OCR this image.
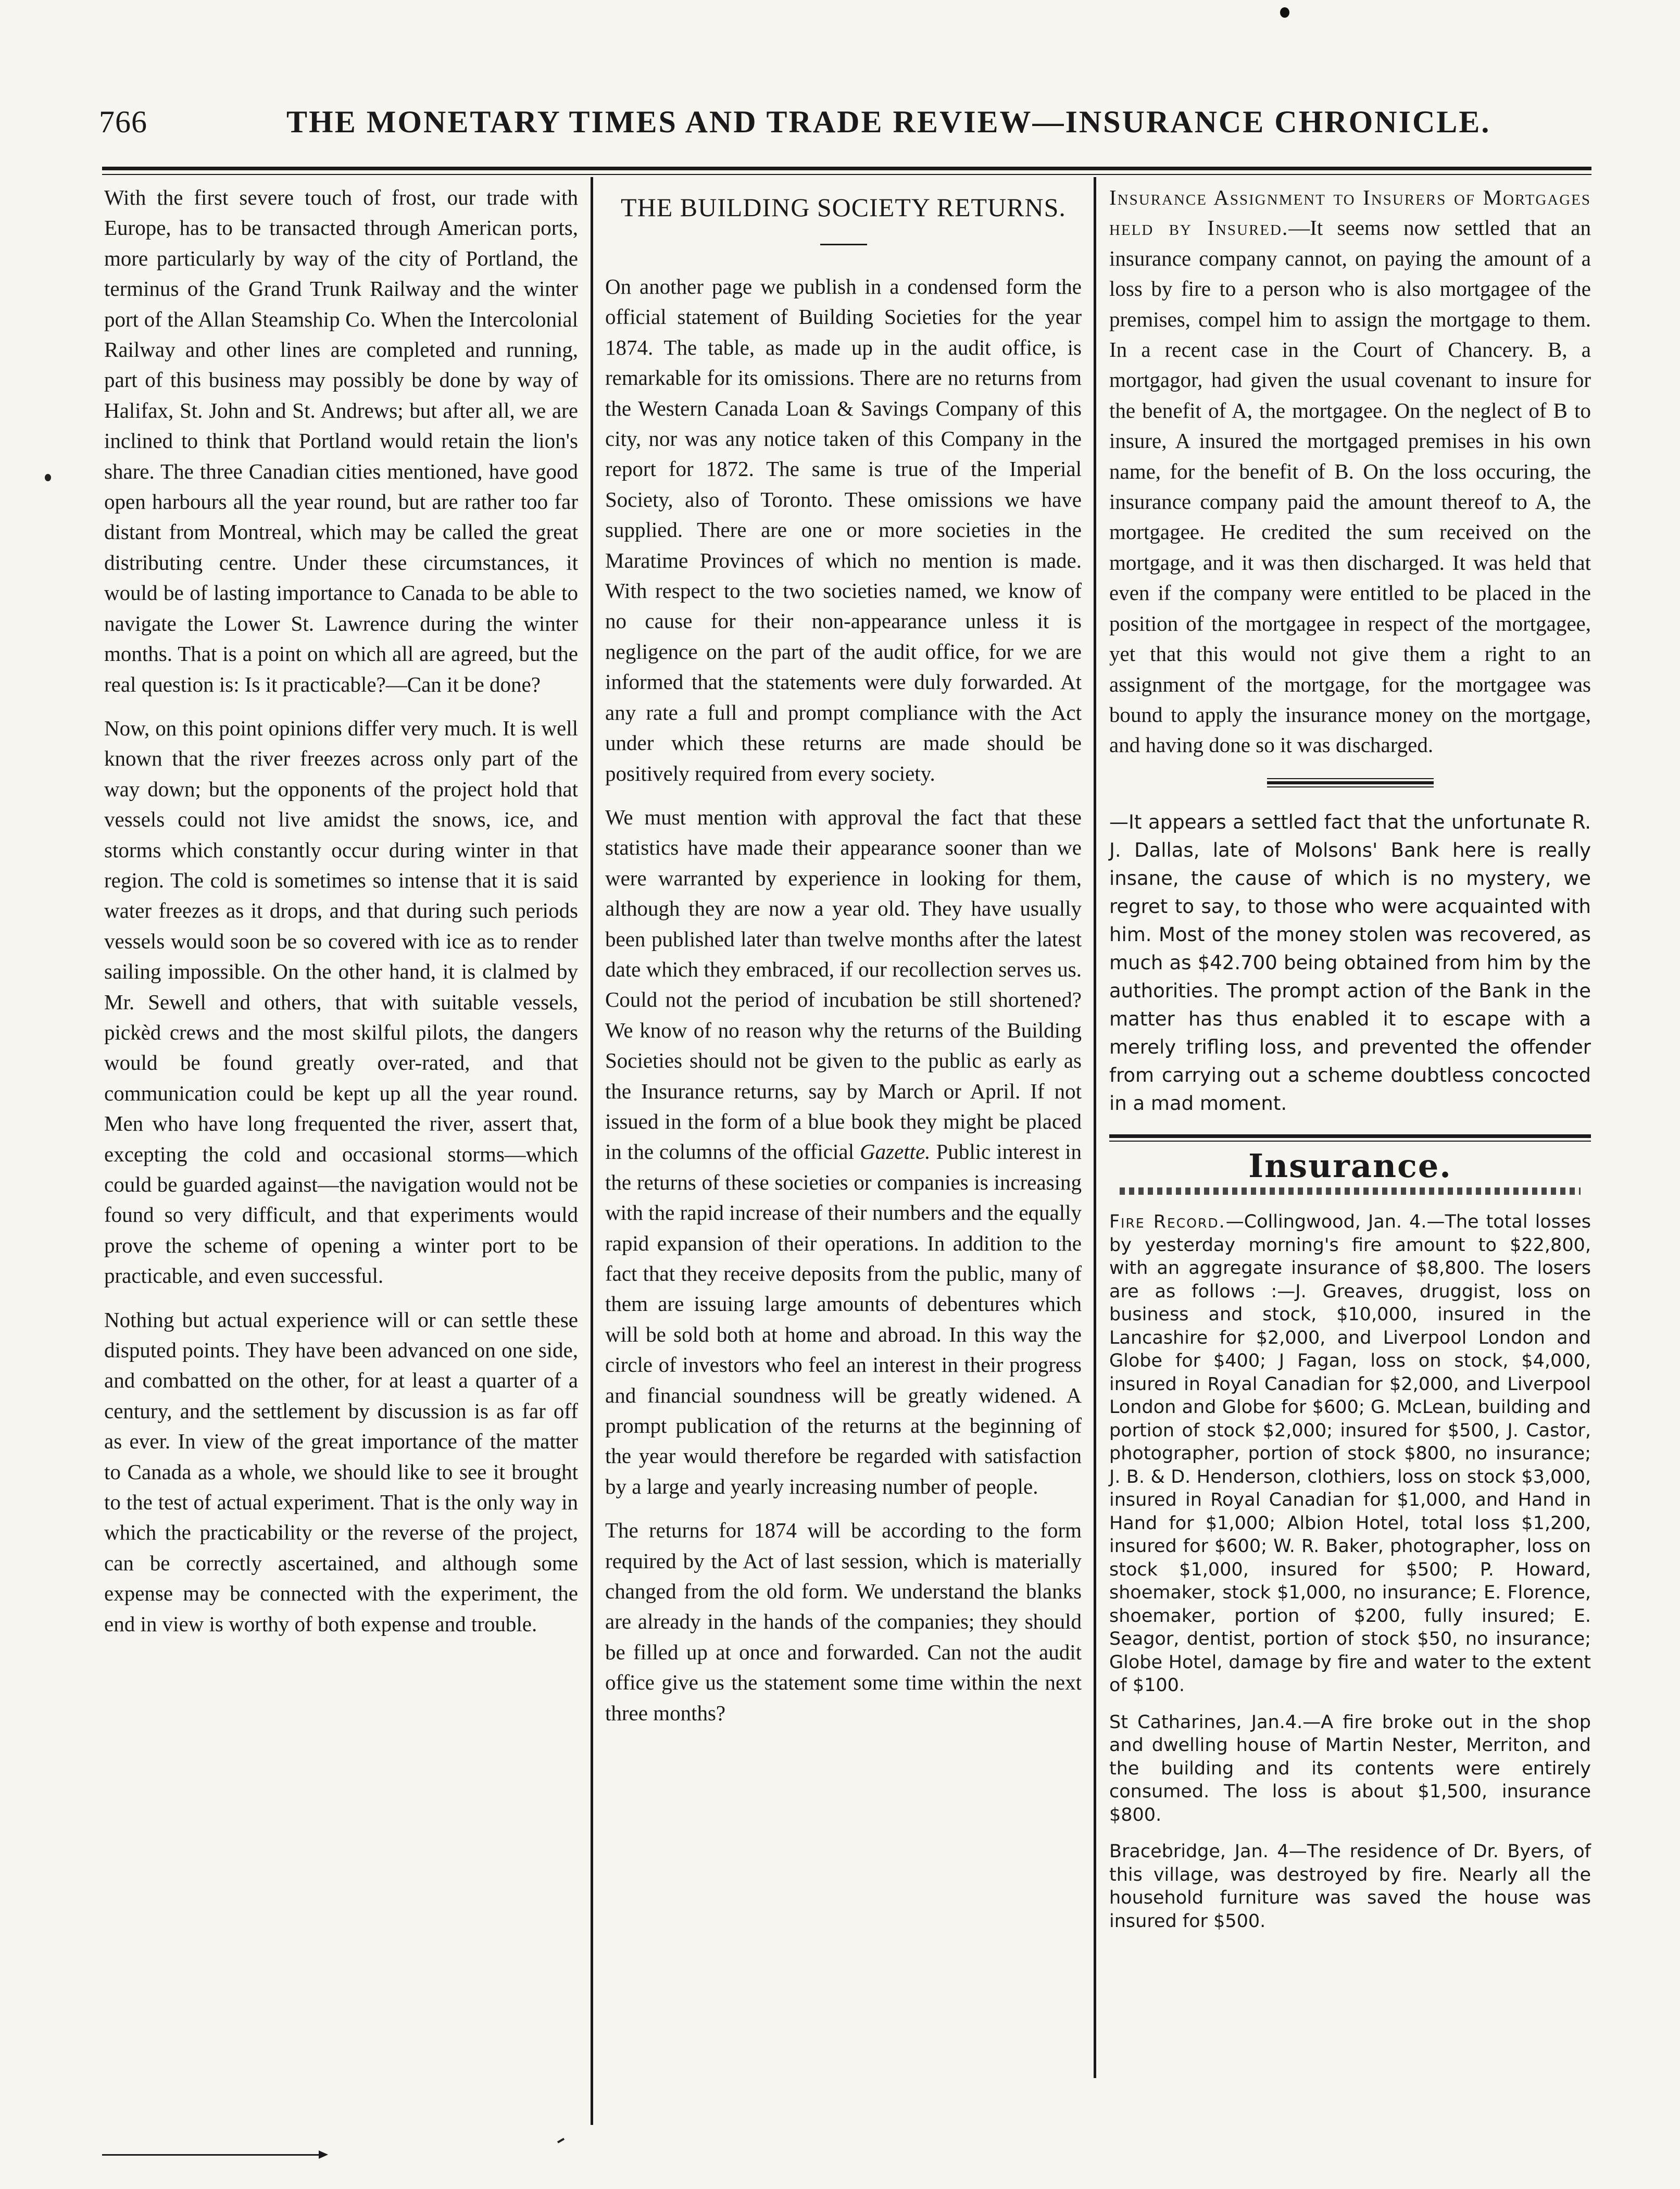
766	THE MONETARY TIMES AND TRADE REVIEW—INSURANCE CHRONICLE.

With the first severe touch of frost, our trade with Europe, has to be transacted through American ports, more particularly by way of the city of Portland, the terminus of the Grand Trunk Railway and the winter port of the Allan Steamship Co. When the Intercolonial Railway and other lines are completed and running, part of this business may possibly be done by way of Halifax, St. John and St. Andrews; but after all, we are inclined to think that Portland would retain the lion's share. The three Canadian cities mentioned, have good open harbours all the year round, but are rather too far distant from Montreal, which may be called the great distributing centre. Under these circumstances, it would be of lasting importance to Canada to be able to navigate the Lower St. Lawrence during the winter months. That is a point on which all are agreed, but the real question is: Is it practicable?—Can it be done?

Now, on this point opinions differ very much. It is well known that the river freezes across only part of the way down; but the opponents of the project hold that vessels could not live amidst the snows, ice, and storms which constantly occur during winter in that region. The cold is sometimes so intense that it is said water freezes as it drops, and that during such periods vessels would soon be so covered with ice as to render sailing impossible. On the other hand, it is clalmed by Mr. Sewell and others, that with suitable vessels, pickèd crews and the most skilful pilots, the dangers would be found greatly over-rated, and that communication could be kept up all the year round. Men who have long frequented the river, assert that, excepting the cold and occasional storms—which could be guarded against—the navigation would not be found so very difficult, and that experiments would prove the scheme of opening a winter port to be practicable, and even successful.

Nothing but actual experience will or can settle these disputed points. They have been advanced on one side, and combatted on the other, for at least a quarter of a century, and the settlement by discussion is as far off as ever. In view of the great importance of the matter to Canada as a whole, we should like to see it brought to the test of actual experiment. That is the only way in which the practicability or the reverse of the project, can be correctly ascertained, and although some expense may be connected with the experiment, the end in view is worthy of both expense and trouble.

THE BUILDING SOCIETY RETURNS.

On another page we publish in a condensed form the official statement of Building Societies for the year 1874. The table, as made up in the audit office, is remarkable for its omissions. There are no returns from the Western Canada Loan & Savings Company of this city, nor was any notice taken of this Company in the report for 1872. The same is true of the Imperial Society, also of Toronto. These omissions we have supplied. There are one or more societies in the Maratime Provinces of which no mention is made. With respect to the two societies named, we know of no cause for their non-appearance unless it is negligence on the part of the audit office, for we are informed that the statements were duly forwarded. At any rate a full and prompt compliance with the Act under which these returns are made should be positively required from every society.

We must mention with approval the fact that these statistics have made their appearance sooner than we were warranted by experience in looking for them, although they are now a year old. They have usually been published later than twelve months after the latest date which they embraced, if our recollection serves us. Could not the period of incubation be still shortened? We know of no reason why the returns of the Building Societies should not be given to the public as early as the Insurance returns, say by March or April. If not issued in the form of a blue book they might be placed in the columns of the official Gazette. Public interest in the returns of these societies or companies is increasing with the rapid increase of their numbers and the equally rapid expansion of their operations. In addition to the fact that they receive deposits from the public, many of them are issuing large amounts of debentures which will be sold both at home and abroad. In this way the circle of investors who feel an interest in their progress and financial soundness will be greatly widened. A prompt publication of the returns at the beginning of the year would therefore be regarded with satisfaction by a large and yearly increasing number of people.

The returns for 1874 will be according to the form required by the Act of last session, which is materially changed from the old form. We understand the blanks are already in the hands of the companies; they should be filled up at once and forwarded. Can not the audit office give us the statement some time within the next three months?

Insurance Assignment to Insurers of Mortgages held by Insured.—It seems now settled that an insurance company cannot, on paying the amount of a loss by fire to a person who is also mortgagee of the premises, compel him to assign the mortgage to them. In a recent case in the Court of Chancery. B, a mortgagor, had given the usual covenant to insure for the benefit of A, the mortgagee. On the neglect of B to insure, A insured the mortgaged premises in his own name, for the benefit of B. On the loss occuring, the insurance company paid the amount thereof to A, the mortgagee. He credited the sum received on the mortgage, and it was then discharged. It was held that even if the company were entitled to be placed in the position of the mortgagee in respect of the mortgagee, yet that this would not give them a right to an assignment of the mortgage, for the mortgagee was bound to apply the insurance money on the mortgage, and having done so it was discharged.

—It appears a settled fact that the unfortunate R. J. Dallas, late of Molsons' Bank here is really insane, the cause of which is no mystery, we regret to say, to those who were acquainted with him. Most of the money stolen was recovered, as much as $42.700 being obtained from him by the authorities. The prompt action of the Bank in the matter has thus enabled it to escape with a merely trifling loss, and prevented the offender from carrying out a scheme doubtless concocted in a mad moment.

Insurance.

Fire Record.—Collingwood, Jan. 4.—The total losses by yesterday morning's fire amount to $22,800, with an aggregate insurance of $8,800. The losers are as follows :—J. Greaves, druggist, loss on business and stock, $10,000, insured in the Lancashire for $2,000, and Liverpool London and Globe for $400; J Fagan, loss on stock, $4,000, insured in Royal Canadian for $2,000, and Liverpool London and Globe for $600; G. McLean, building and portion of stock $2,000; insured for $500, J. Castor, photographer, portion of stock $800, no insurance; J. B. & D. Henderson, clothiers, loss on stock $3,000, insured in Royal Canadian for $1,000, and Hand in Hand for $1,000; Albion Hotel, total loss $1,200, insured for $600; W. R. Baker, photographer, loss on stock $1,000, insured for $500; P. Howard, shoemaker, stock $1,000, no insurance; E. Florence, shoemaker, portion of $200, fully insured; E. Seagor, dentist, portion of stock $50, no insurance; Globe Hotel, damage by fire and water to the extent of $100.

St Catharines, Jan.4.—A fire broke out in the shop and dwelling house of Martin Nester, Merriton, and the building and its contents were entirely consumed. The loss is about $1,500, insurance $800.

Bracebridge, Jan. 4—The residence of Dr. Byers, of this village, was destroyed by fire. Nearly all the household furniture was saved the house was insured for $500.
